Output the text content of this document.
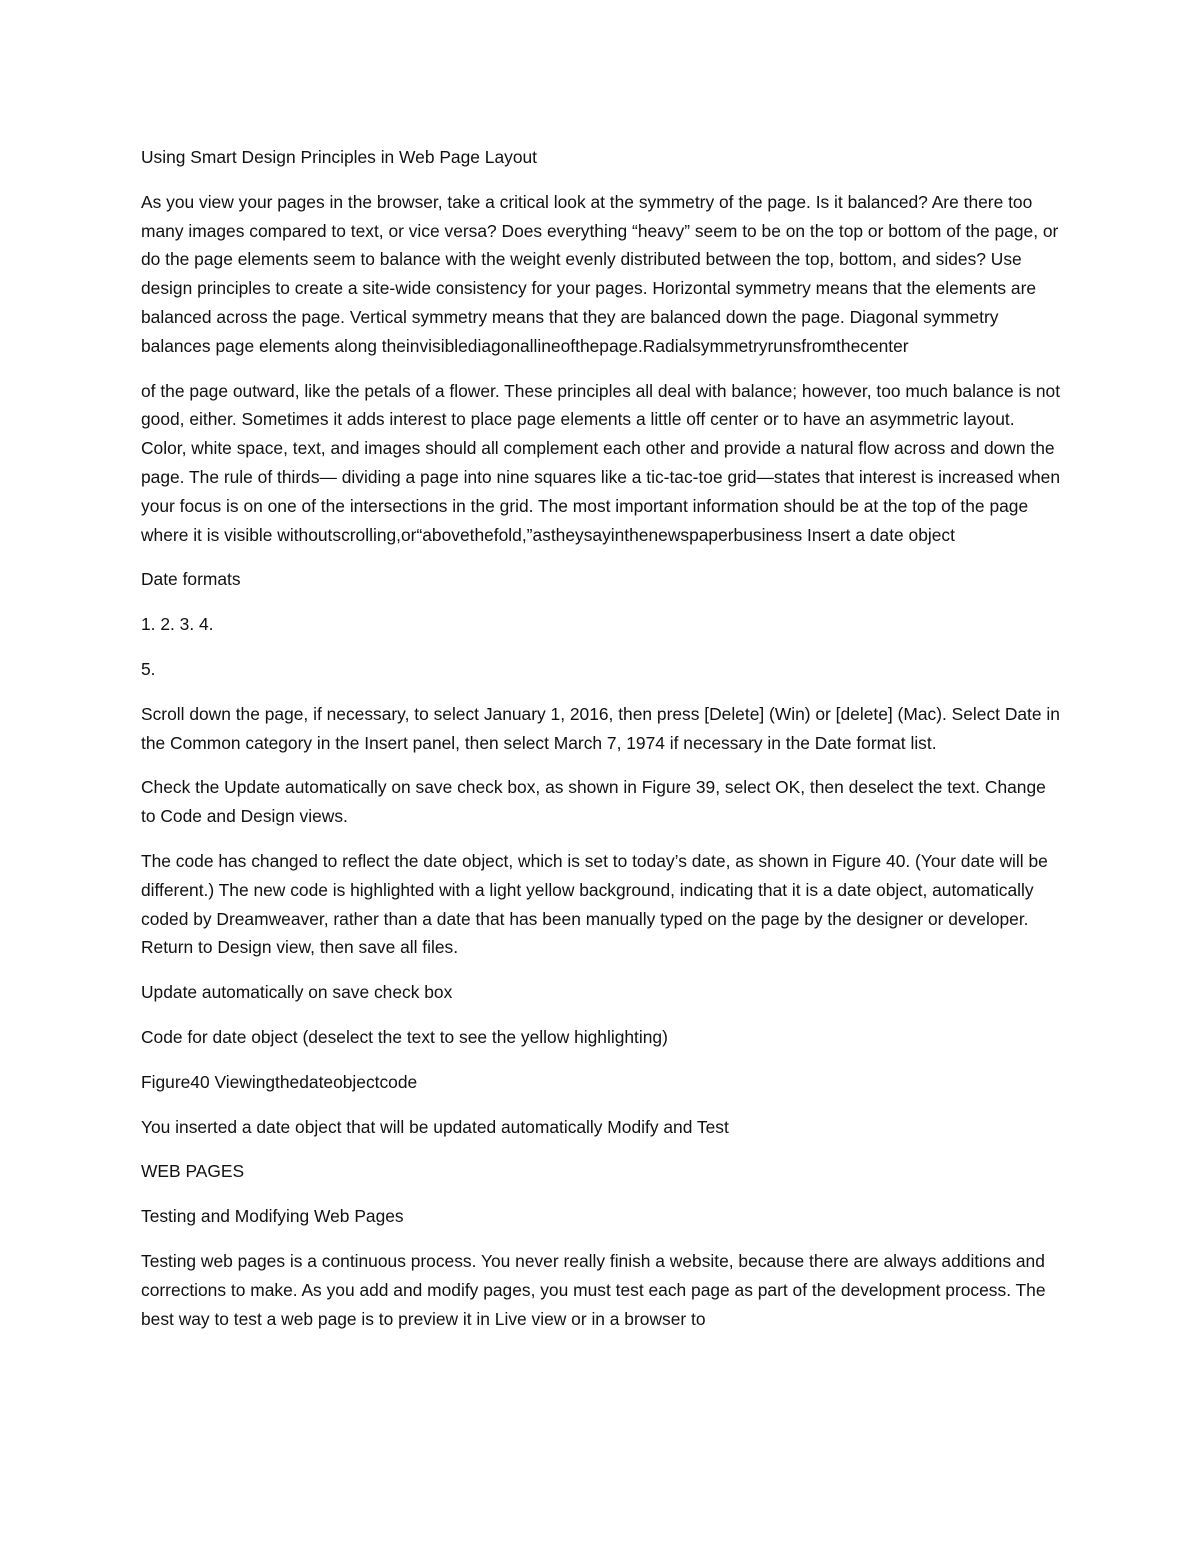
Using Smart Design Principles in Web Page Layout

As you view your pages in the browser, take a critical look at the symmetry of the page. Is it balanced? Are there too many images compared to text, or vice versa? Does everything “heavy” seem to be on the top or bottom of the page, or do the page elements seem to balance with the weight evenly distributed between the top, bottom, and sides? Use design principles to create a site-wide consistency for your pages. Horizontal symmetry means that the elements are balanced across the page. Vertical symmetry means that they are balanced down the page. Diagonal symmetry balances page elements along theinvisiblediagonallineofthepage.Radialsymmetryrunsfromthecenter

of the page outward, like the petals of a flower. These principles all deal with balance; however, too much balance is not good, either. Sometimes it adds interest to place page elements a little off center or to have an asymmetric layout. Color, white space, text, and images should all complement each other and provide a natural flow across and down the page. The rule of thirds— dividing a page into nine squares like a tic-tac-toe grid—states that interest is increased when your focus is on one of the intersections in the grid. The most important information should be at the top of the page where it is visible withoutscrolling,or“abovethefold,”astheysayinthenewspaperbusiness Insert a date object

Date formats

1. 2. 3. 4.

5.

Scroll down the page, if necessary, to select January 1, 2016, then press [Delete] (Win) or [delete] (Mac). Select Date in the Common category in the Insert panel, then select March 7, 1974 if necessary in the Date format list.

Check the Update automatically on save check box, as shown in Figure 39, select OK, then deselect the text. Change to Code and Design views.

The code has changed to reflect the date object, which is set to today’s date, as shown in Figure 40. (Your date will be different.) The new code is highlighted with a light yellow background, indicating that it is a date object, automatically coded by Dreamweaver, rather than a date that has been manually typed on the page by the designer or developer. Return to Design view, then save all files.

Update automatically on save check box

Code for date object (deselect the text to see the yellow highlighting)

Figure40 Viewingthedateobjectcode

You inserted a date object that will be updated automatically Modify and Test

WEB PAGES

Testing and Modifying Web Pages

Testing web pages is a continuous process. You never really finish a website, because there are always additions and corrections to make. As you add and modify pages, you must test each page as part of the development process. The best way to test a web page is to preview it in Live view or in a browser to
